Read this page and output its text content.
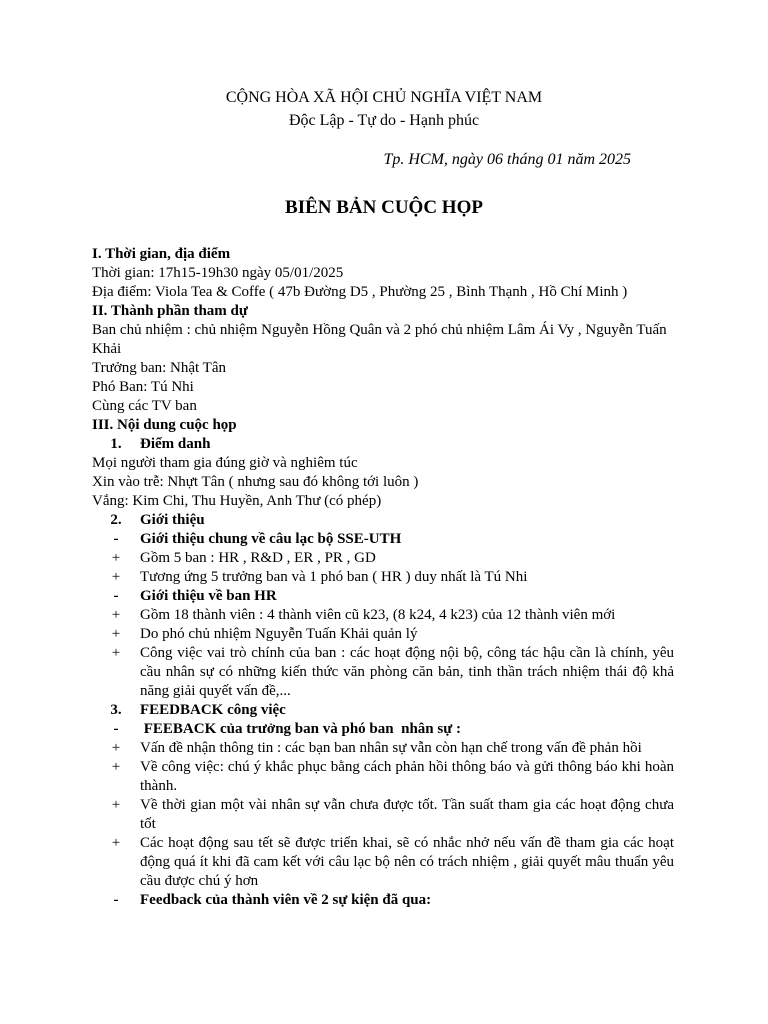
CỘNG HÒA XÃ HỘI CHỦ NGHĨA VIỆT NAM
Độc Lập - Tự do - Hạnh phúc
Tp. HCM, ngày 06 tháng 01 năm 2025
BIÊN BẢN CUỘC HỌP

I. Thời gian, địa điểm

Thời gian: 17h15-19h30 ngày 05/01/2025

Địa điểm: Viola Tea & Coffe ( 47b Đường D5 , Phường 25 , Bình Thạnh , Hồ Chí Minh )

II. Thành phần tham dự

Ban chủ nhiệm : chủ nhiệm Nguyễn Hồng Quân và 2 phó chủ nhiệm Lâm Ái Vy , Nguyễn Tuấn Khải

Trưởng ban: Nhật Tân

Phó Ban: Tú Nhi

Cùng các TV ban

III. Nội dung cuộc họp

1.	Điểm danh

Mọi người tham gia đúng giờ và nghiêm túc

Xin vào trễ: Nhựt Tân ( nhưng sau đó không tới luôn )

Vắng: Kim Chi, Thu Huyền, Anh Thư (có phép)

2.	Giới thiệu
-	Giới thiệu chung về câu lạc bộ SSE-UTH
+	Gồm 5 ban : HR , R&D , ER , PR , GD
+	Tương ứng 5 trưởng ban và 1 phó ban ( HR ) duy nhất là Tú Nhi
-	Giới thiệu về ban HR
+	Gồm 18 thành viên : 4 thành viên cũ k23, (8 k24, 4 k23) của 12 thành viên mới
+	Do phó chủ nhiệm Nguyễn Tuấn Khải quản lý
+	Công việc vai trò chính của ban : các hoạt động nội bộ, công tác hậu cần là chính, yêu cầu nhân sự có những kiến thức văn phòng căn bản, tinh thần trách nhiệm thái độ khả năng giải quyết vấn đề,...
3.	FEEDBACK công việc
-	FEEBACK của trưởng ban và phó ban  nhân sự :
+	Vấn đề nhận thông tin : các bạn ban nhân sự vẫn còn hạn chế trong vấn đề phản hồi
+	Về công việc: chú ý khắc phục bằng cách phản hồi thông báo và gửi thông báo khi hoàn thành.
+	Về thời gian một vài nhân sự vẫn chưa được tốt. Tần suất tham gia các hoạt động chưa tốt
+	Các hoạt động sau tết sẽ được triển khai, sẽ có nhắc nhở nếu vấn đề tham gia các hoạt động quá ít khi đã cam kết với câu lạc bộ nên có trách nhiệm , giải quyết mâu thuẩn yêu cầu được chú ý hơn
-	Feedback của thành viên về 2 sự kiện đã qua:
